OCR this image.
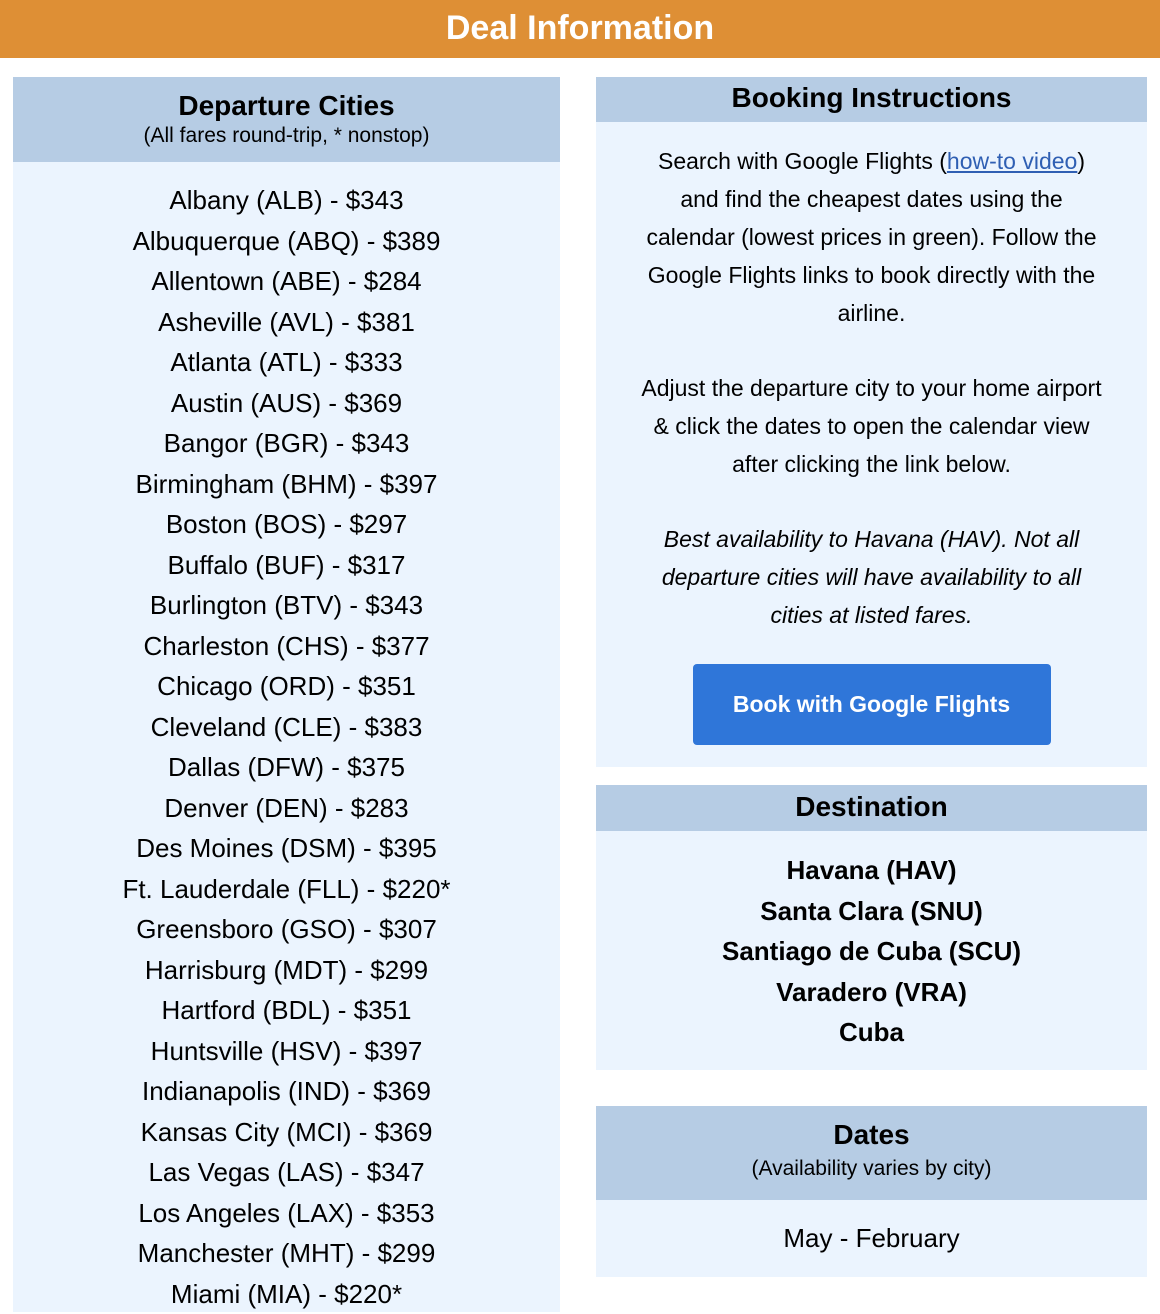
Deal Information
Departure Cities
(All fares round-trip, * nonstop)
Albany (ALB) - $343
Albuquerque (ABQ) - $389
Allentown (ABE) - $284
Asheville (AVL) - $381
Atlanta (ATL) - $333
Austin (AUS) - $369
Bangor (BGR) - $343
Birmingham (BHM) - $397
Boston (BOS) - $297
Buffalo (BUF) - $317
Burlington (BTV) - $343
Charleston (CHS) - $377
Chicago (ORD) - $351
Cleveland (CLE) - $383
Dallas (DFW) - $375
Denver (DEN) - $283
Des Moines (DSM) - $395
Ft. Lauderdale (FLL) - $220*
Greensboro (GSO) - $307
Harrisburg (MDT) - $299
Hartford (BDL) - $351
Huntsville (HSV) - $397
Indianapolis (IND) - $369
Kansas City (MCI) - $369
Las Vegas (LAS) - $347
Los Angeles (LAX) - $353
Manchester (MHT) - $299
Miami (MIA) - $220*
Booking Instructions

Search with Google Flights (how-to video) and find the cheapest dates using the calendar (lowest prices in green). Follow the Google Flights links to book directly with the airline.

Adjust the departure city to your home airport & click the dates to open the calendar view after clicking the link below.

Best availability to Havana (HAV). Not all departure cities will have availability to all cities at listed fares.

Book with Google Flights
Destination
Havana (HAV)
Santa Clara (SNU)
Santiago de Cuba (SCU)
Varadero (VRA)
Cuba
Dates
(Availability varies by city)
May - February
